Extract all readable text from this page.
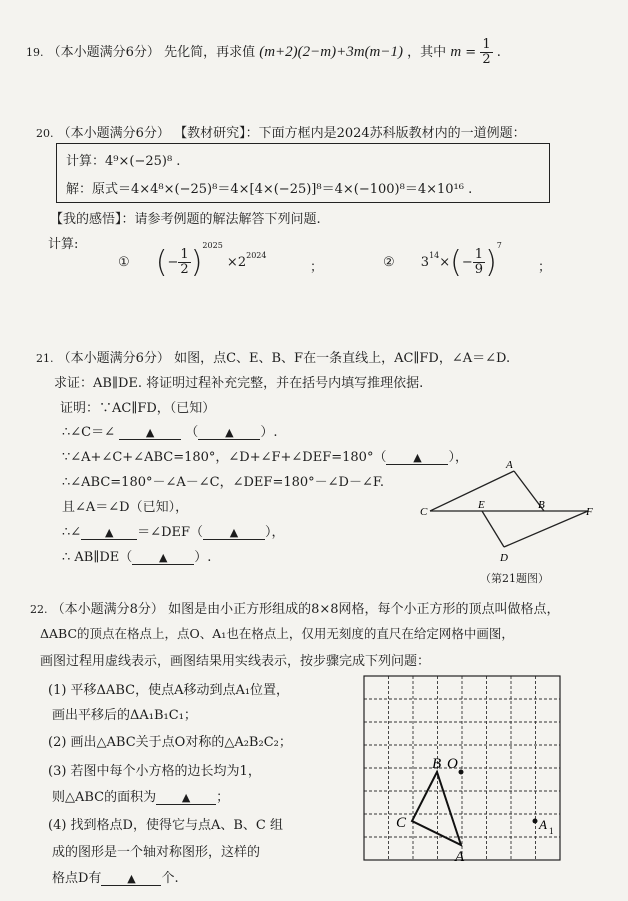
19. （本小题满分6分） 先化简，再求值 (m+2)(2−m)+3m(m−1) ，其中 $m = \frac{1}{2}$ .
20. （本小题满分6分） 【教材研究】：下面方框内是2024苏科版教材内的一道例题：
计算：4⁹×(−25)⁸ .
解：原式＝4×4⁸×(−25)⁸＝4×[4×(−25)]⁸＝4×(−100)⁸＝4×10¹⁶ .
【我的感悟】：请参考例题的解法解答下列问题.
计算:
① (− $\frac{1}{2} )^{2025} \times 2^{2024}$
；	② $3^{14}\times(- \frac{1}{9} )^7$
；
21. （本小题满分6分） 如图，点C、E、B、F在一条直线上，AC∥FD，∠A＝∠D.
求证：AB∥DE. 将证明过程补充完整，并在括号内填写推理依据.
证明：∵AC∥FD，（已知）
∴∠C＝∠	▲ （ ▲ ）.
∵∠A+∠C+∠ABC=180°，∠D+∠F+∠DEF=180°（ ▲ ），
∴∠ABC=180°－∠A－∠C，∠DEF=180°－∠D－∠F.
且∠A＝∠D（已知），
∴∠ ▲ ＝∠DEF（ ▲ ），
∴ AB∥DE（ ▲ ）.
A
C
E	B
F
D
（第21题图）
22. （本小题满分8分） 如图是由小正方形组成的8×8网格，每个小正方形的顶点叫做格点，
ΔABC的顶点在格点上，点O、A₁也在格点上，仅用无刻度的直尺在给定网格中画图，
画图过程用虚线表示，画图结果用实线表示，按步骤完成下列问题：
(1) 平移ΔABC，使点A移动到点A₁位置，
画出平移后的ΔA₁B₁C₁；
(2) 画出△ABC关于点O对称的△A₂B₂C₂；
(3) 若图中每个小方格的边长均为1，
则△ABC的面积为 ▲ ；
(4) 找到格点D，使得它与点A、B、C 组
成的图形是一个轴对称图形，这样的
格点D有 ▲ 个.
B O
C
A
A 1
